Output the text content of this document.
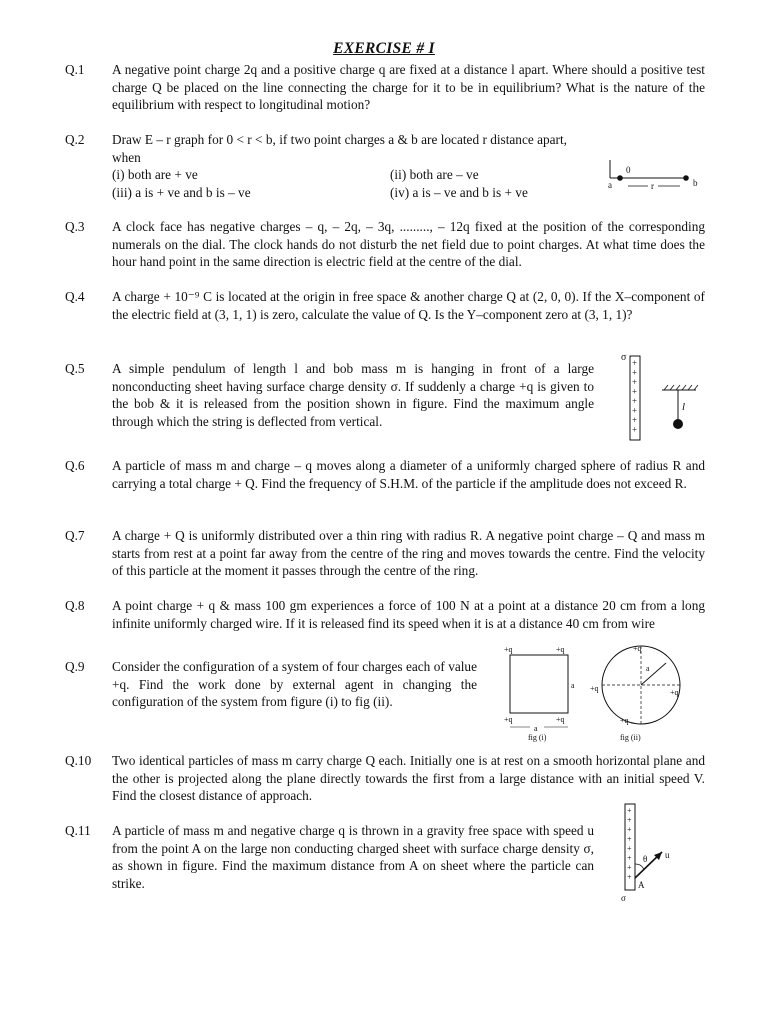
EXERCISE # I
Q.1	A negative point charge 2q and a positive charge q are fixed at a distance l apart. Where should a positive test charge Q be placed on the line connecting the charge for it to be in equilibrium? What is the nature of the equilibrium with respect to longitudinal motion?
Q.2	Draw E – r graph for 0 < r < b, if two point charges a & b are located r distance apart, when
(i) both are + ve	(ii) both are – ve
(iii) a is + ve and b is – ve	(iv) a is – ve and b is + ve
0
a	b
r
Q.3	A clock face has negative charges – q, – 2q, – 3q, ........., – 12q fixed at the position of the corresponding numerals on the dial. The clock hands do not disturb the net field due to point charges. At what time does the hour hand point in the same direction is electric field at the centre of the dial.
Q.4	A charge + 10⁻⁹ C is located at the origin in free space & another charge Q at (2, 0, 0). If the X–component of the electric field at (3, 1, 1) is zero, calculate the value of Q. Is the Y–component zero at (3, 1, 1)?
Q.5	A simple pendulum of length l and bob mass m is hanging in front of a large nonconducting sheet having surface charge density σ. If suddenly a charge +q is given to the bob & it is released from the position shown in figure. Find the maximum angle through which the string is deflected from vertical.
σ +
+
+
+
+
+
+
+
l
Q.6	A particle of mass m and charge – q moves along a diameter of a uniformly charged sphere of radius R and carrying a total charge + Q. Find the frequency of S.H.M. of the particle if the amplitude does not exceed R.
Q.7	A charge + Q is uniformly distributed over a thin ring with radius R. A negative point charge – Q and mass m starts from rest at a point far away from the centre of the ring and moves towards the centre. Find the velocity of this particle at the moment it passes through the centre of the ring.
Q.8	A point charge + q & mass 100 gm experiences a force of 100 N at a point at a distance 20 cm from a long infinite uniformly charged wire. If it is released find its speed when it is at a distance 40 cm from wire
Q.9	Consider the configuration of a system of four charges each of value +q. Find the work done by external agent in changing the configuration of the system from figure (i) to fig (ii).
+q	+q
+q	+q
a
a
fig (i)
a
+q
+q	+q
+q
fig (ii)
Q.10	Two identical particles of mass m carry charge Q each. Initially one is at rest on a smooth horizontal plane and the other is projected along the plane directly towards the first from a large distance with an initial speed V. Find the closest distance of approach.
Q.11	A particle of mass m and negative charge q is thrown in a gravity free space with speed u from the point A on the large non conducting charged sheet with surface charge density σ, as shown in figure. Find the maximum distance from A on sheet where the particle can strike.
+
+
+
+
+
+
+
+
θ u
A
σ
